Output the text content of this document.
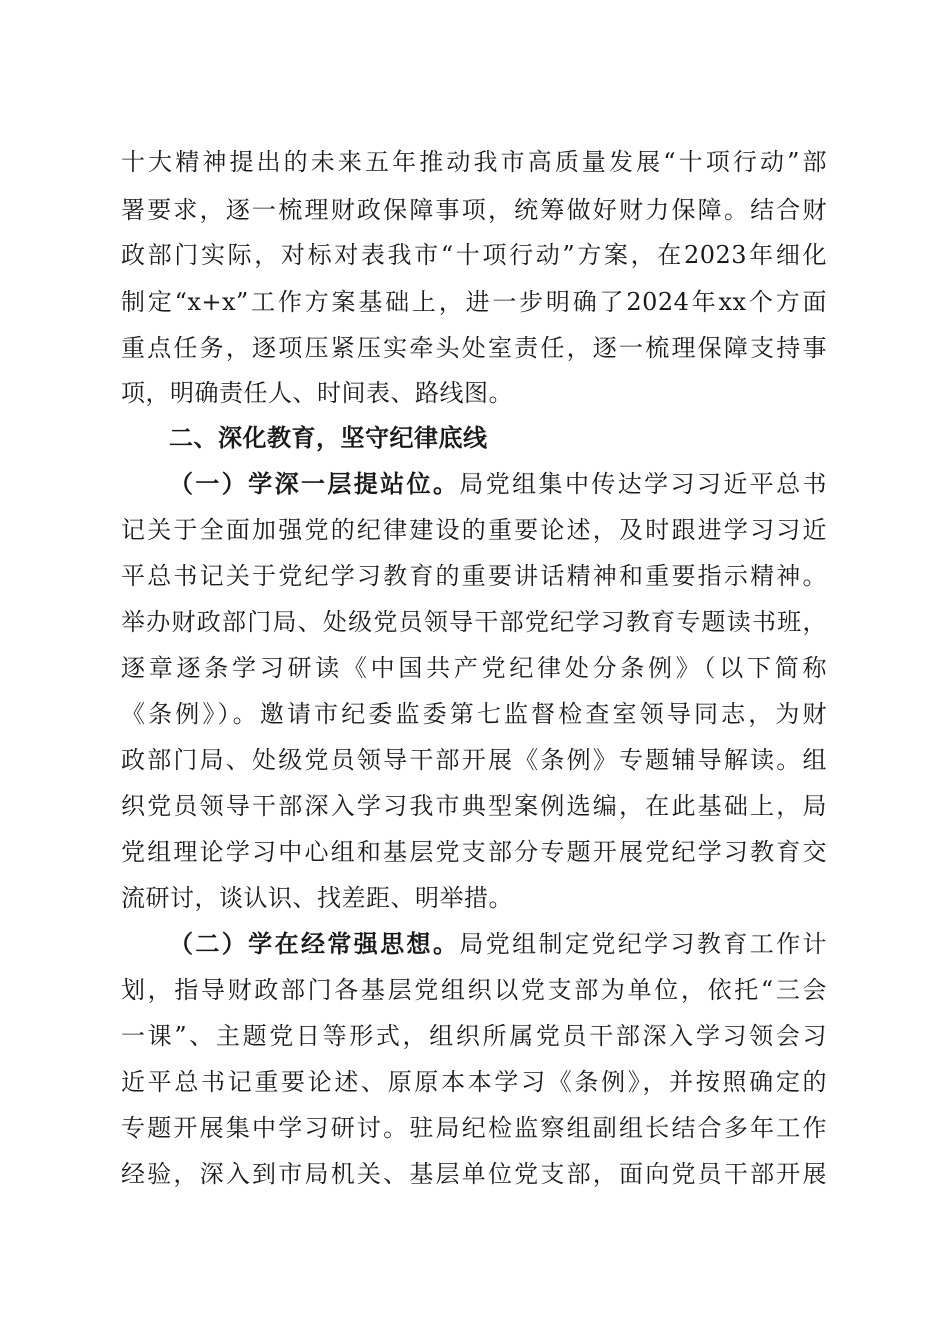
十大精神提出的未来五年推动我市高质量发展“十项行动”部
署要求，逐一梳理财政保障事项，统筹做好财力保障。结合财
政部门实际，对标对表我市“十项行动”方案，在2023年细化
制定“x+x”工作方案基础上，进一步明确了2024年xx个方面
重点任务，逐项压紧压实牵头处室责任，逐一梳理保障支持事
项，明确责任人、时间表、路线图。
二、深化教育，坚守纪律底线
（一）学深一层提站位。局党组集中传达学习习近平总书
记关于全面加强党的纪律建设的重要论述，及时跟进学习习近
平总书记关于党纪学习教育的重要讲话精神和重要指示精神。
举办财政部门局、处级党员领导干部党纪学习教育专题读书班，
逐章逐条学习研读《中国共产党纪律处分条例》（以下简称
《条例》）。邀请市纪委监委第七监督检查室领导同志，为财
政部门局、处级党员领导干部开展《条例》专题辅导解读。组
织党员领导干部深入学习我市典型案例选编，在此基础上，局
党组理论学习中心组和基层党支部分专题开展党纪学习教育交
流研讨，谈认识、找差距、明举措。
（二）学在经常强思想。局党组制定党纪学习教育工作计
划，指导财政部门各基层党组织以党支部为单位，依托“三会
一课”、主题党日等形式，组织所属党员干部深入学习领会习
近平总书记重要论述、原原本本学习《条例》，并按照确定的
专题开展集中学习研讨。驻局纪检监察组副组长结合多年工作
经验，深入到市局机关、基层单位党支部，面向党员干部开展
